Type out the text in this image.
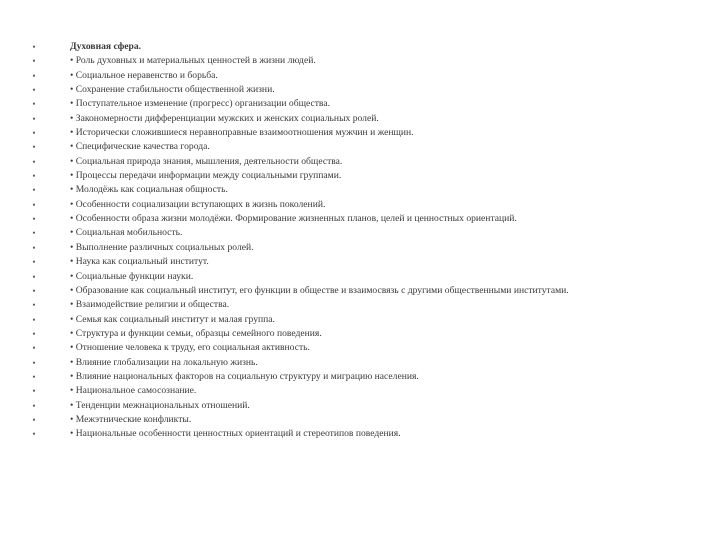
•	Духовная сфера.
•	• Роль духовных и материальных ценностей в жизни людей.
•	• Социальное неравенство и борьба.
•	• Сохранение стабильности общественной жизни.
•	• Поступательное изменение (прогресс) организации общества.
•	• Закономерности дифференциации мужских и женских социальных ролей.
•	• Исторически сложившиеся неравноправные взаимоотношения мужчин и женщин.
•	• Специфические качества города.
•	• Социальная природа знания, мышления, деятельности общества.
•	• Процессы передачи информации между социальными группами.
•	• Молодёжь как социальная общность.
•	• Особенности социализации вступающих в жизнь поколений.
•	• Особенности образа жизни молодёжи. Формирование жизненных планов, целей и ценностных ориентаций.
•	• Социальная мобильность.
•	• Выполнение различных социальных ролей.
•	• Наука как социальный институт.
•	• Социальные функции науки.
•	• Образование как социальный институт, его функции в обществе и взаимосвязь с другими общественными институтами.
•	• Взаимодействие религии и общества.
•	• Семья как социальный институт и малая группа.
•	• Структура и функции семьи, образцы семейного поведения.
•	• Отношение человека к труду, его социальная активность.
•	• Влияние глобализации на локальную жизнь.
•	• Влияние национальных факторов на социальную структуру и миграцию населения.
•	• Национальное самосознание.
•	• Тенденции межнациональных отношений.
•	• Межэтнические конфликты.
•	• Национальные особенности ценностных ориентаций и стереотипов поведения.
